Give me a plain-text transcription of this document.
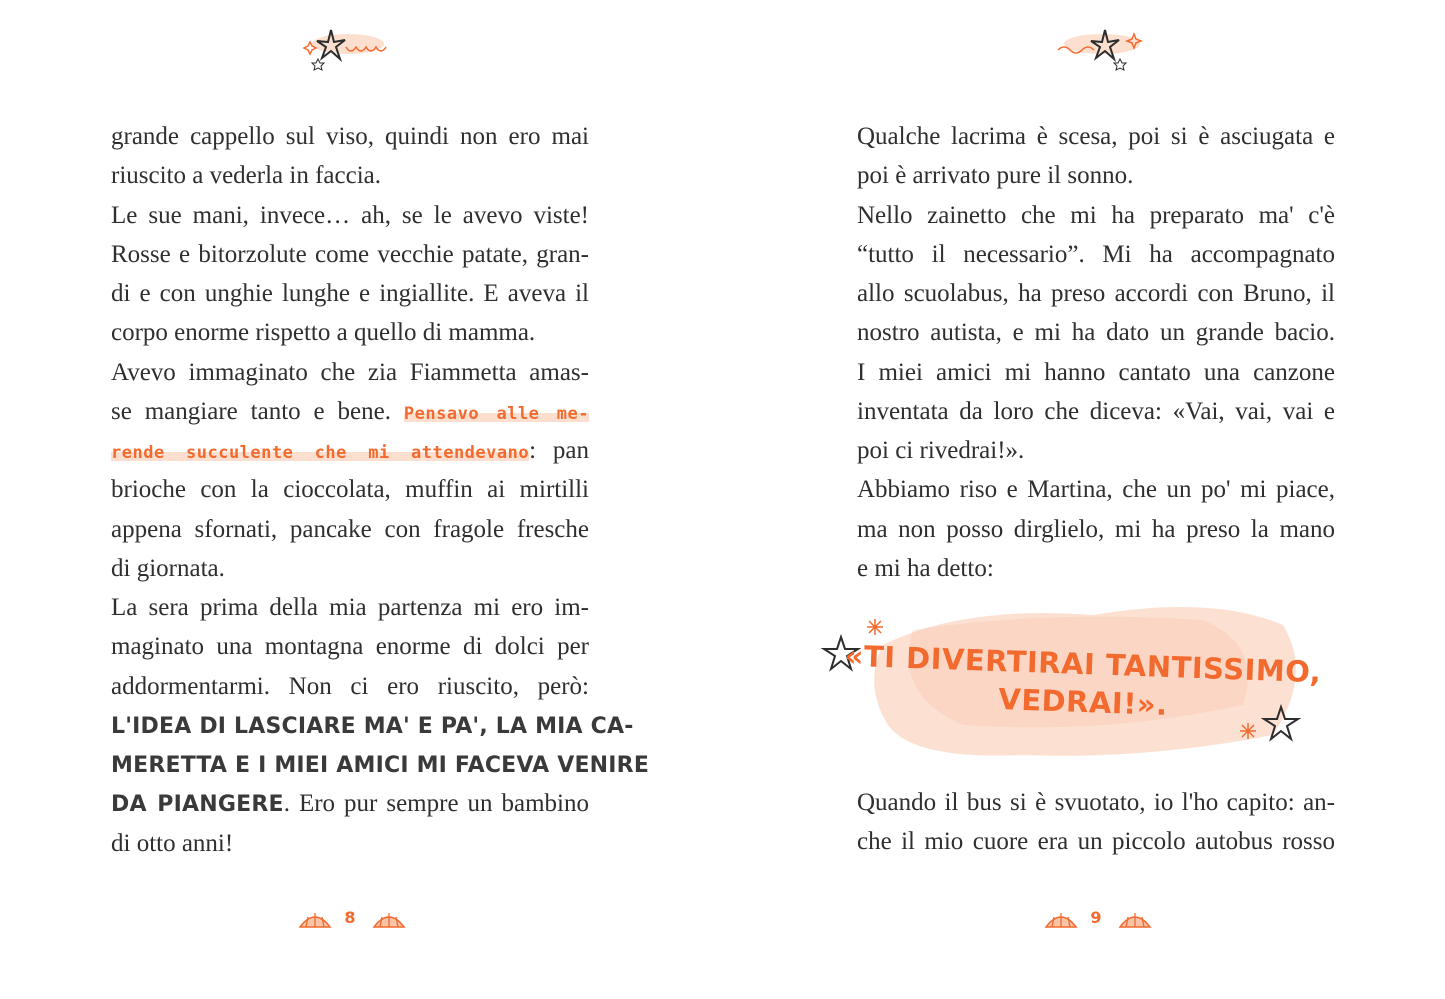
grande cappello sul viso, quindi non ero mai
riuscito a vederla in faccia.
Le sue mani, invece… ah, se le avevo viste!
Rosse e bitorzolute come vecchie patate, gran-
di e con unghie lunghe e ingiallite. E aveva il
corpo enorme rispetto a quello di mamma.
Avevo immaginato che zia Fiammetta amas-
se mangiare tanto e bene. Pensavo alle me-
rende succulente che mi attendevano: pan
brioche con la cioccolata, muffin ai mirtilli
appena sfornati, pancake con fragole fresche
di giornata.
La sera prima della mia partenza mi ero im-
maginato una montagna enorme di dolci per
addormentarmi. Non ci ero riuscito, però:
L'IDEA DI LASCIARE MA' E PA', LA MIA CA-
MERETTA E I MIEI AMICI MI FACEVA VENIRE
DA PIANGERE. Ero pur sempre un bambino
di otto anni!
8
Qualche lacrima è scesa, poi si è asciugata e
poi è arrivato pure il sonno.
Nello zainetto che mi ha preparato ma' c'è
“tutto il necessario”. Mi ha accompagnato
allo scuolabus, ha preso accordi con Bruno, il
nostro autista, e mi ha dato un grande bacio.
I miei amici mi hanno cantato una canzone
inventata da loro che diceva: «Vai, vai, vai e
poi ci rivedrai!».
Abbiamo riso e Martina, che un po' mi piace,
ma non posso dirglielo, mi ha preso la mano
e mi ha detto:
«TI DIVERTIRAI TANTISSIMO,
VEDRAI!».
Quando il bus si è svuotato, io l'ho capito: an-
che il mio cuore era un piccolo autobus rosso
9
